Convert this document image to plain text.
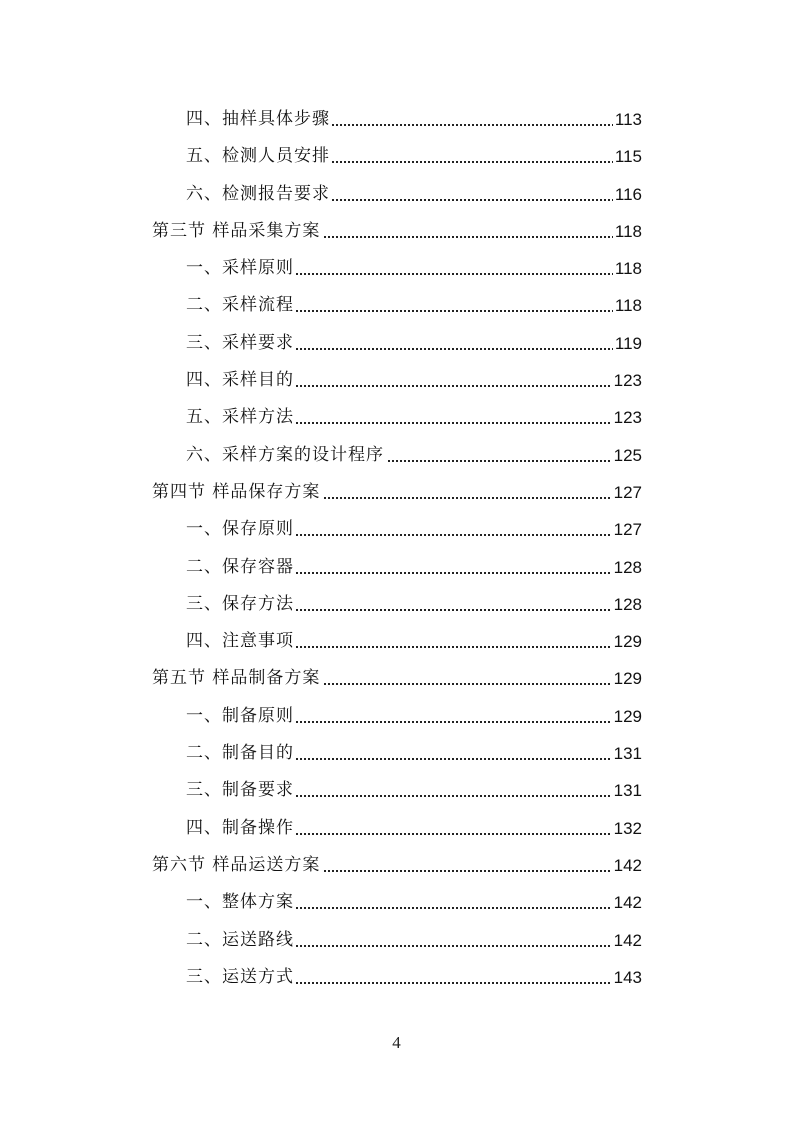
四、抽样具体步骤	113
五、检测人员安排	115
六、检测报告要求	116
第三节 样品采集方案	118
一、采样原则	118
二、采样流程	118
三、采样要求	119
四、采样目的	123
五、采样方法	123
六、采样方案的设计程序	125
第四节 样品保存方案	127
一、保存原则	127
二、保存容器	128
三、保存方法	128
四、注意事项	129
第五节 样品制备方案	129
一、制备原则	129
二、制备目的	131
三、制备要求	131
四、制备操作	132
第六节 样品运送方案	142
一、整体方案	142
二、运送路线	142
三、运送方式	143
4
